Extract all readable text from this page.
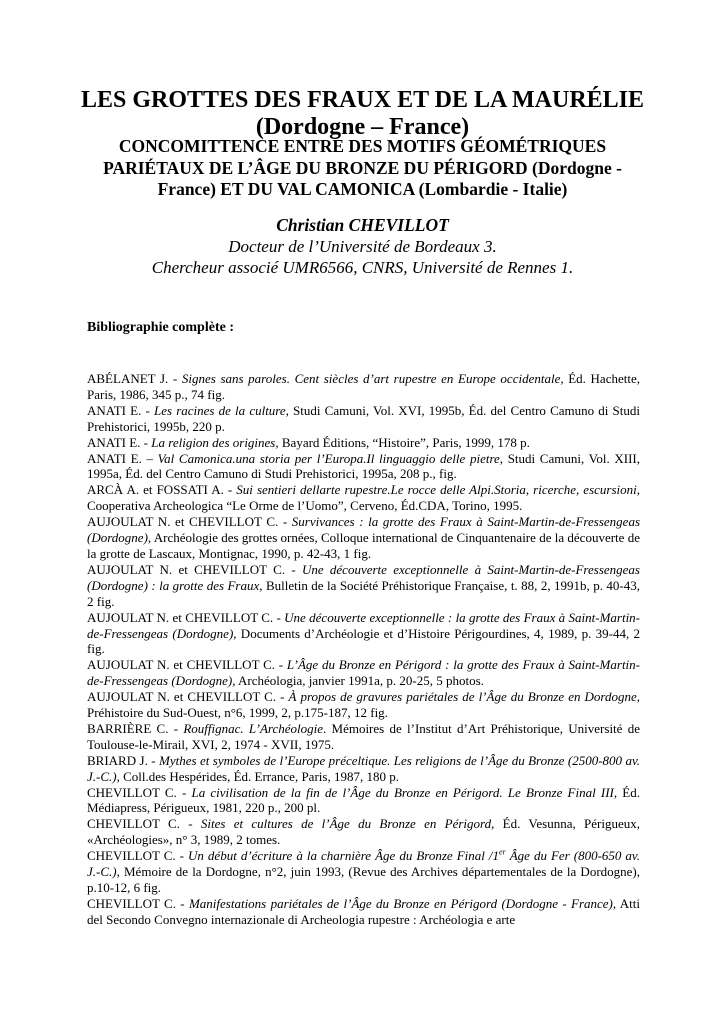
LES GROTTES DES FRAUX ET DE LA MAURÉLIE
(Dordogne – France)
CONCOMITTENCE ENTRE DES MOTIFS GÉOMÉTRIQUES PARIÉTAUX DE L’ÂGE DU BRONZE DU PÉRIGORD (Dordogne - France) ET DU VAL CAMONICA (Lombardie - Italie)

Christian CHEVILLOT

Docteur de l’Université de Bordeaux 3.

Chercheur associé UMR6566, CNRS, Université de Rennes 1.

Bibliographie complète :

ABÉLANET J. - Signes sans paroles. Cent siècles d’art rupestre en Europe occidentale, Éd. Hachette, Paris, 1986, 345 p., 74 fig.
ANATI E. - Les racines de la culture, Studi Camuni, Vol. XVI, 1995b, Éd. del Centro Camuno di Studi Prehistorici, 1995b, 220 p.
ANATI E. - La religion des origines, Bayard Éditions, “Histoire”, Paris, 1999, 178 p.
ANATI E. – Val Camonica.una storia per l’Europa.Il linguaggio delle pietre, Studi Camuni, Vol. XIII, 1995a, Éd. del Centro Camuno di Studi Prehistorici, 1995a, 208 p., fig.
ARCÀ A. et FOSSATI A. - Sui sentieri dellarte rupestre.Le rocce delle Alpi.Storia, ricerche, escursioni, Cooperativa Archeologica “Le Orme de l’Uomo”, Cerveno, Éd.CDA, Torino, 1995.
AUJOULAT N. et CHEVILLOT C. - Survivances : la grotte des Fraux à Saint-Martin-de-Fressengeas (Dordogne), Archéologie des grottes ornées, Colloque international de Cinquantenaire de la découverte de la grotte de Lascaux, Montignac, 1990, p. 42-43, 1 fig.
AUJOULAT N. et CHEVILLOT C. - Une découverte exceptionnelle à Saint-Martin-de-Fressengeas (Dordogne) : la grotte des Fraux, Bulletin de la Société Préhistorique Française, t. 88, 2, 1991b, p. 40-43, 2 fig.
AUJOULAT N. et CHEVILLOT C. - Une découverte exceptionnelle : la grotte des Fraux à Saint-Martin-de-Fressengeas (Dordogne), Documents d’Archéologie et d’Histoire Périgourdines, 4, 1989, p. 39-44, 2 fig.
AUJOULAT N. et CHEVILLOT C. - L’Âge du Bronze en Périgord : la grotte des Fraux à Saint-Martin-de-Fressengeas (Dordogne), Archéologia, janvier 1991a, p. 20-25, 5 photos.
AUJOULAT N. et CHEVILLOT C. - À propos de gravures pariétales de l’Âge du Bronze en Dordogne, Préhistoire du Sud-Ouest, n°6, 1999, 2, p.175-187, 12 fig.
BARRIÈRE C. - Rouffignac. L’Archéologie. Mémoires de l’Institut d’Art Préhistorique, Université de Toulouse-le-Mirail, XVI, 2, 1974 - XVII, 1975.
BRIARD J. - Mythes et symboles de l’Europe préceltique. Les religions de l’Âge du Bronze (2500-800 av. J.-C.), Coll.des Hespérides, Éd. Errance, Paris, 1987, 180 p.
CHEVILLOT C. - La civilisation de la fin de l’Âge du Bronze en Périgord. Le Bronze Final III, Éd. Médiapress, Périgueux, 1981, 220 p., 200 pl.
CHEVILLOT C. - Sites et cultures de l’Âge du Bronze en Périgord, Éd. Vesunna, Périgueux, «Archéologies», n° 3, 1989, 2 tomes.
CHEVILLOT C. - Un début d’écriture à la charnière Âge du Bronze Final /1er Âge du Fer (800-650 av. J.-C.), Mémoire de la Dordogne, n°2, juin 1993, (Revue des Archives départementales de la Dordogne), p.10-12, 6 fig.
CHEVILLOT C. - Manifestations pariétales de l’Âge du Bronze en Périgord (Dordogne - France), Atti del Secondo Convegno internazionale di Archeologia rupestre : Archéologia e arte
